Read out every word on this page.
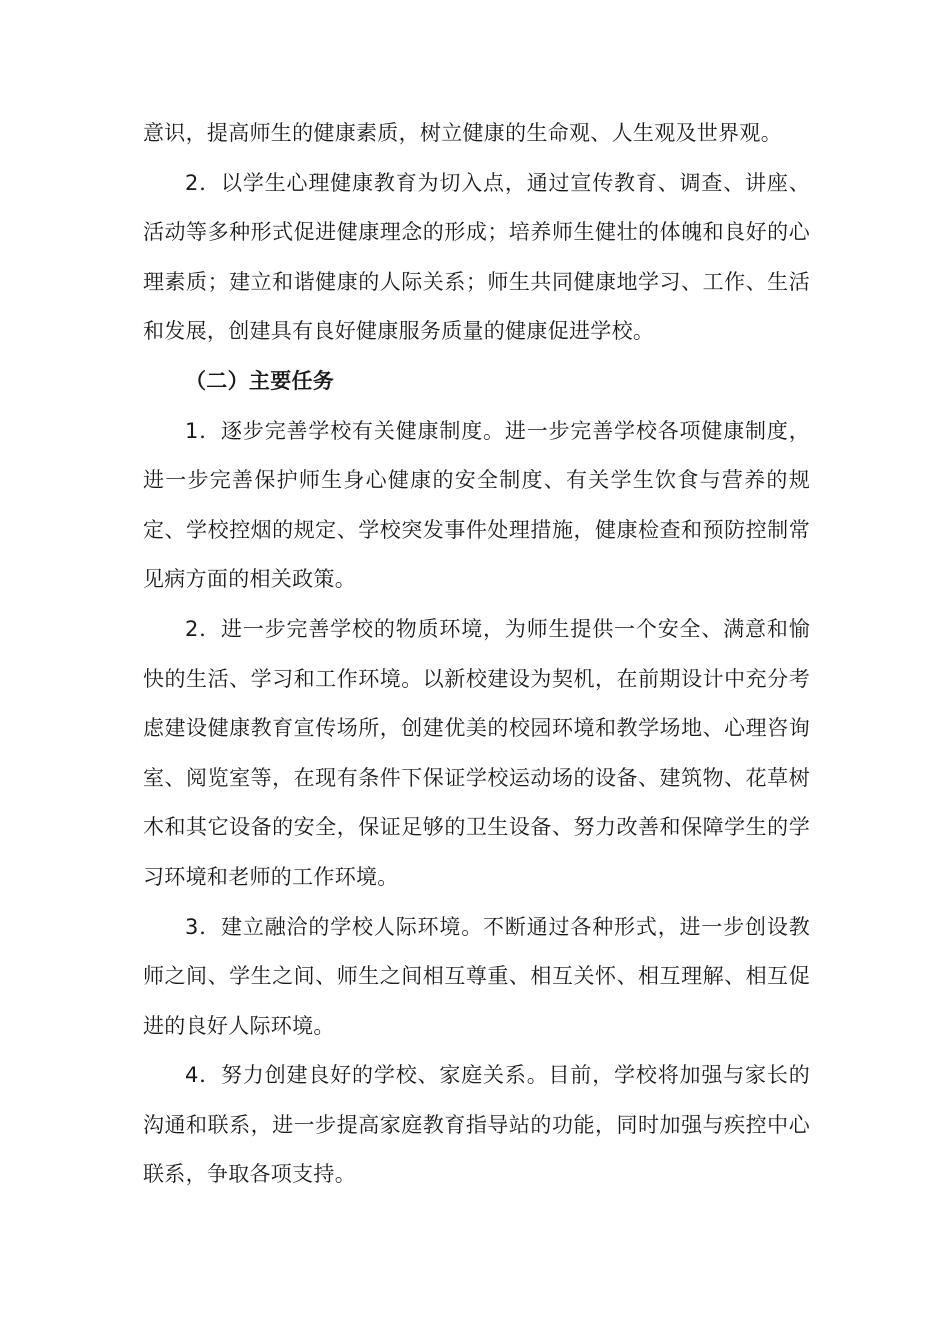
意识，提高师生的健康素质，树立健康的生命观、人生观及世界观。

2．以学生心理健康教育为切入点，通过宣传教育、调查、讲座、活动等多种形式促进健康理念的形成；培养师生健壮的体魄和良好的心理素质；建立和谐健康的人际关系；师生共同健康地学习、工作、生活和发展，创建具有良好健康服务质量的健康促进学校。

（二）主要任务

1．逐步完善学校有关健康制度。进一步完善学校各项健康制度，进一步完善保护师生身心健康的安全制度、有关学生饮食与营养的规定、学校控烟的规定、学校突发事件处理措施，健康检查和预防控制常见病方面的相关政策。

2．进一步完善学校的物质环境，为师生提供一个安全、满意和愉快的生活、学习和工作环境。以新校建设为契机，在前期设计中充分考虑建设健康教育宣传场所，创建优美的校园环境和教学场地、心理咨询室、阅览室等，在现有条件下保证学校运动场的设备、建筑物、花草树木和其它设备的安全，保证足够的卫生设备、努力改善和保障学生的学习环境和老师的工作环境。

3．建立融洽的学校人际环境。不断通过各种形式，进一步创设教师之间、学生之间、师生之间相互尊重、相互关怀、相互理解、相互促进的良好人际环境。

4．努力创建良好的学校、家庭关系。目前，学校将加强与家长的沟通和联系，进一步提高家庭教育指导站的功能，同时加强与疾控中心联系，争取各项支持。
